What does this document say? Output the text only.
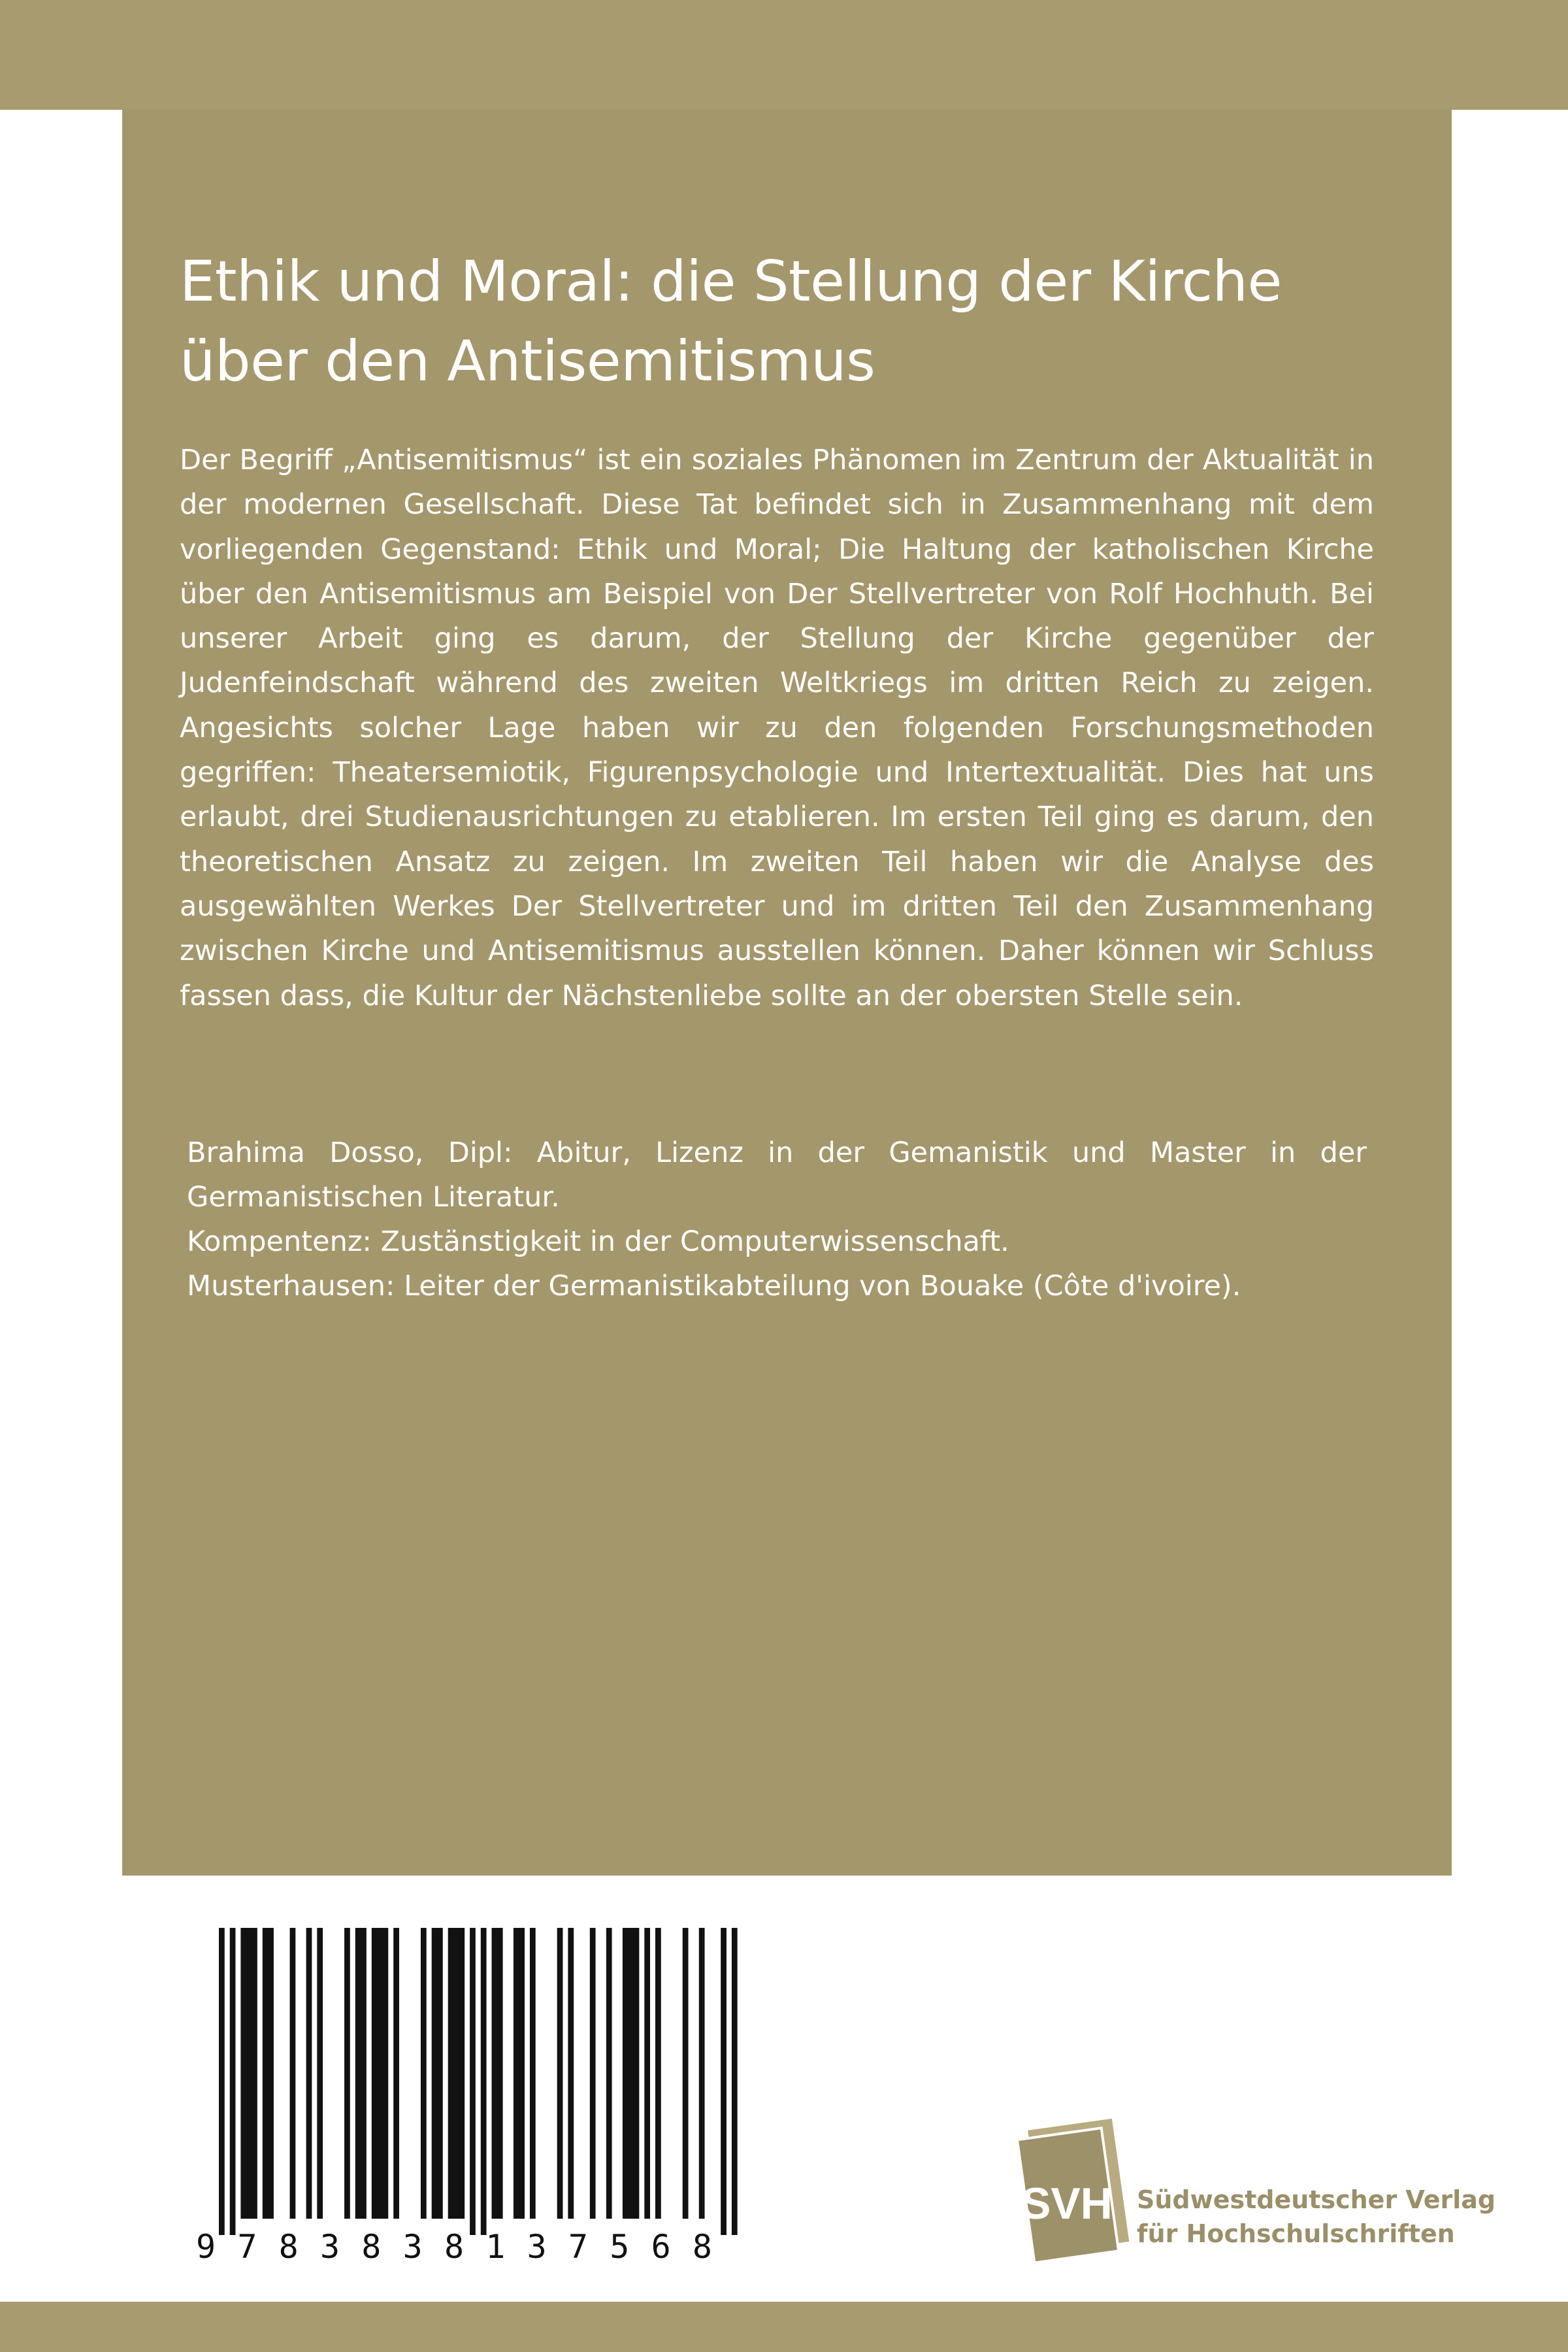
Ethik und Moral: die Stellung der Kirche
über den Antisemitismus

Der Begriff „Antisemitismus“ ist ein soziales Phänomen im Zentrum der Aktualität in der modernen Gesellschaft. Diese Tat befindet sich in Zusammenhang mit dem vorliegenden Gegenstand: Ethik und Moral; Die Haltung der katholischen Kirche über den Antisemitismus am Beispiel von Der Stellvertreter von Rolf Hochhuth. Bei unserer Arbeit ging es darum, der Stellung der Kirche gegenüber der Judenfeindschaft während des zweiten Weltkriegs im dritten Reich zu zeigen. Angesichts solcher Lage haben wir zu den folgenden Forschungsmethoden gegriffen: Theatersemiotik, Figurenpsychologie und Intertextualität. Dies hat uns erlaubt, drei Studienausrichtungen zu etablieren. Im ersten Teil ging es darum, den theoretischen Ansatz zu zeigen. Im zweiten Teil haben wir die Analyse des ausgewählten Werkes Der Stellvertreter und im dritten Teil den Zusammenhang zwischen Kirche und Antisemitismus ausstellen können. Daher können wir Schluss fassen dass, die Kultur der Nächstenliebe sollte an der obersten Stelle sein.

Brahima Dosso, Dipl: Abitur, Lizenz in der Gemanistik und Master in der Germanistischen Literatur.

Kompentenz: Zustänstigkeit in der Computerwissenschaft.

Musterhausen: Leiter der Germanistikabteilung von Bouake (Côte d'ivoire).

9 7 8 3 8 3 8 1 3 7 5 6 8
SVH Südwestdeutscher Verlag
für Hochschulschriften
